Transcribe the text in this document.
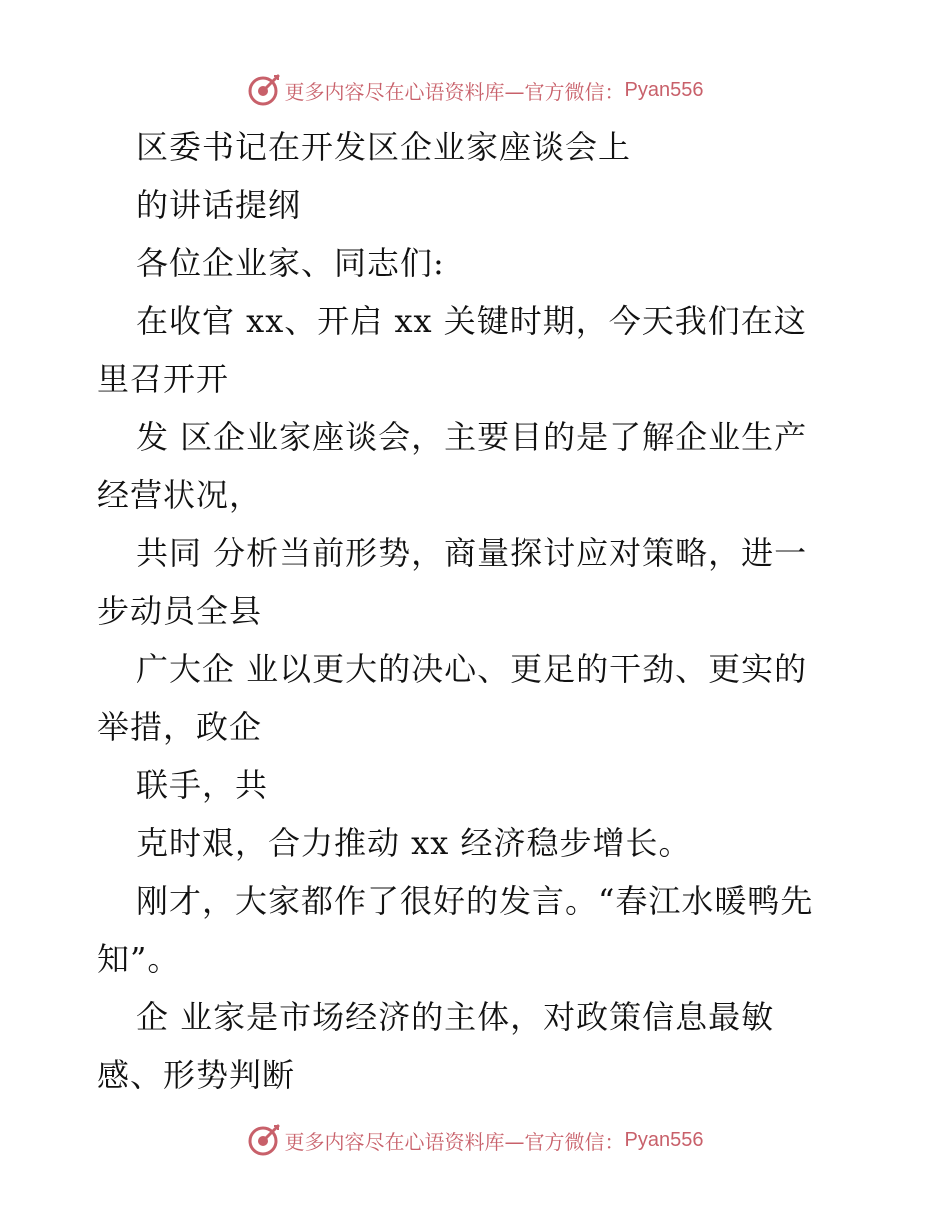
更多内容尽在心语资料库—官方微信： Pyan556
区委书记在开发区企业家座谈会上
的讲话提纲
各位企业家、同志们:
在收官 xx、开启 xx 关键时期，今天我们在这
里召开开
发 区企业家座谈会，主要目的是了解企业生产
经营状况，
共同 分析当前形势，商量探讨应对策略，进一
步动员全县
广大企 业以更大的决心、更足的干劲、更实的
举措，政企
联手，共
克时艰，合力推动 xx 经济稳步增长。
刚才，大家都作了很好的发言。“春江水暖鸭先
知”。
企 业家是市场经济的主体，对政策信息最敏
感、形势判断
更多内容尽在心语资料库—官方微信： Pyan556
